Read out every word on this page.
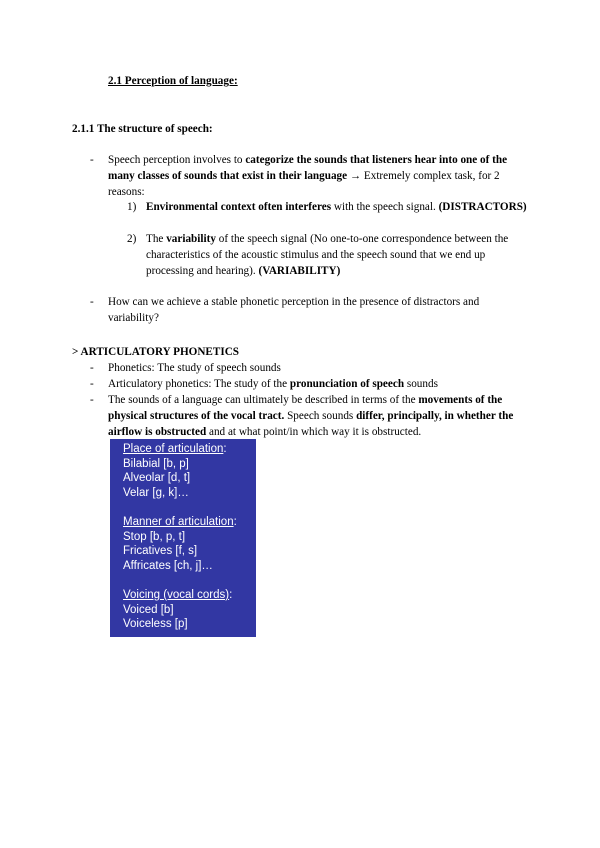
2.1 Perception of language:
2.1.1 The structure of speech:
- Speech perception involves to categorize the sounds that listeners hear into one of the many classes of sounds that exist in their language → Extremely complex task, for 2 reasons:
1) Environmental context often interferes with the speech signal. (DISTRACTORS)
2) The variability of the speech signal (No one-to-one correspondence between the characteristics of the acoustic stimulus and the speech sound that we end up processing and hearing). (VARIABILITY)
- How can we achieve a stable phonetic perception in the presence of distractors and variability?
> ARTICULATORY PHONETICS
- Phonetics: The study of speech sounds
- Articulatory phonetics: The study of the pronunciation of speech sounds
- The sounds of a language can ultimately be described in terms of the movements of the physical structures of the vocal tract. Speech sounds differ, principally, in whether the airflow is obstructed and at what point/in which way it is obstructed.
Place of articulation:
Bilabial [b, p]
Alveolar [d, t]
Velar [g, k]…
Manner of articulation:
Stop [b, p, t]
Fricatives [f, s]
Affricates [ch, j]…
Voicing (vocal cords):
Voiced [b]
Voiceless [p]
